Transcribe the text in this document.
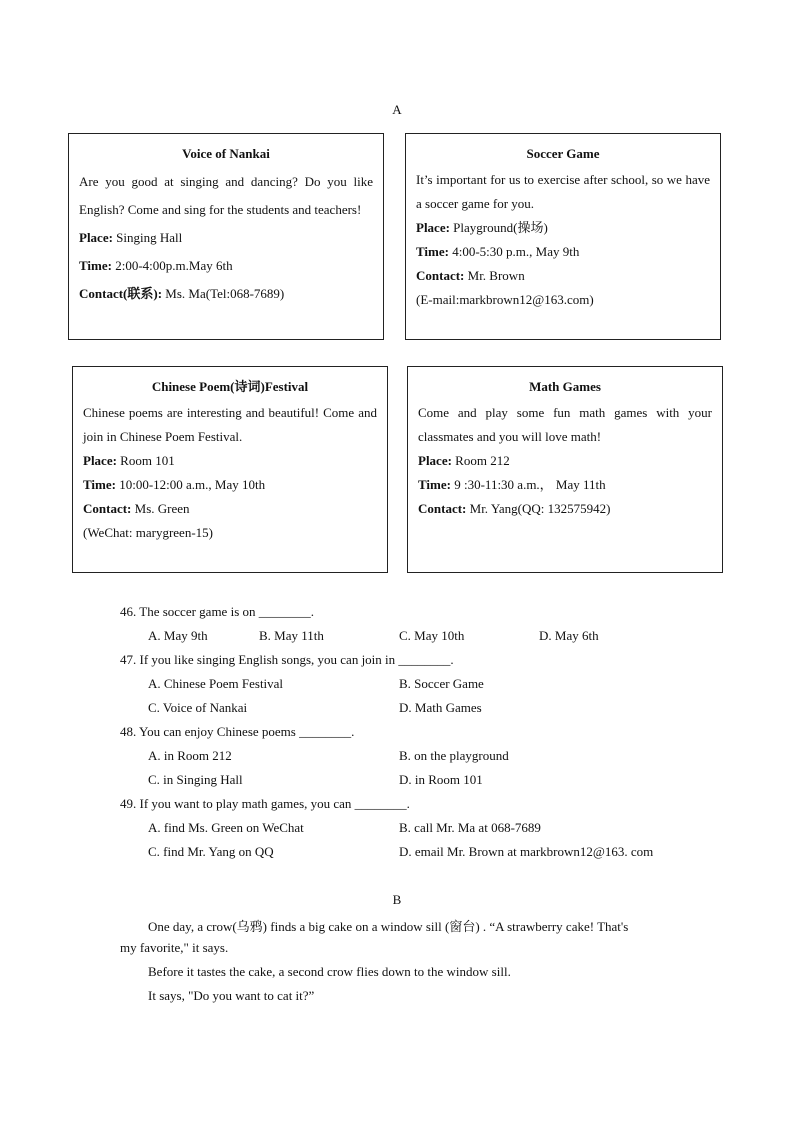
A
Voice of Nankai
Are you good at singing and dancing? Do you like English? Come and sing for the students and teachers!
Place: Singing Hall
Time: 2:00-4:00p.m.May 6th
Contact(联系): Ms. Ma(Tel:068-7689)
Soccer Game
It’s important for us to exercise after school, so we have a soccer game for you.
Place: Playground(操场)
Time: 4:00-5:30 p.m., May 9th
Contact: Mr. Brown
(E-mail:markbrown12@163.com)
Chinese Poem(诗词)Festival
Chinese poems are interesting and beautiful! Come and join in Chinese Poem Festival.
Place: Room 101
Time: 10:00-12:00 a.m., May 10th
Contact: Ms. Green
(WeChat: marygreen-15)
Math Games
Come and play some fun math games with your classmates and you will love math!
Place: Room 212
Time: 9 :30-11:30 a.m.， May 11th
Contact: Mr. Yang(QQ: 132575942)
46. The soccer game is on ________.
A. May 9th	B. May 11th	C. May 10th	D. May 6th
47. If you like singing English songs, you can join in ________.
A. Chinese Poem Festival	B. Soccer Game
C. Voice of Nankai	D. Math Games
48. You can enjoy Chinese poems ________.
A. in Room 212	B. on the playground
C. in Singing Hall	D. in Room 101
49. If you want to play math games, you can ________.
A. find Ms. Green on WeChat	B. call Mr. Ma at 068-7689
C. find Mr. Yang on QQ	D. email Mr. Brown at markbrown12@163. com
B
One day, a crow(乌鸦) finds a big cake on a window sill (窗台) . “A strawberry cake! That's
my favorite," it says.
Before it tastes the cake, a second crow flies down to the window sill.
It says, "Do you want to cat it?”
